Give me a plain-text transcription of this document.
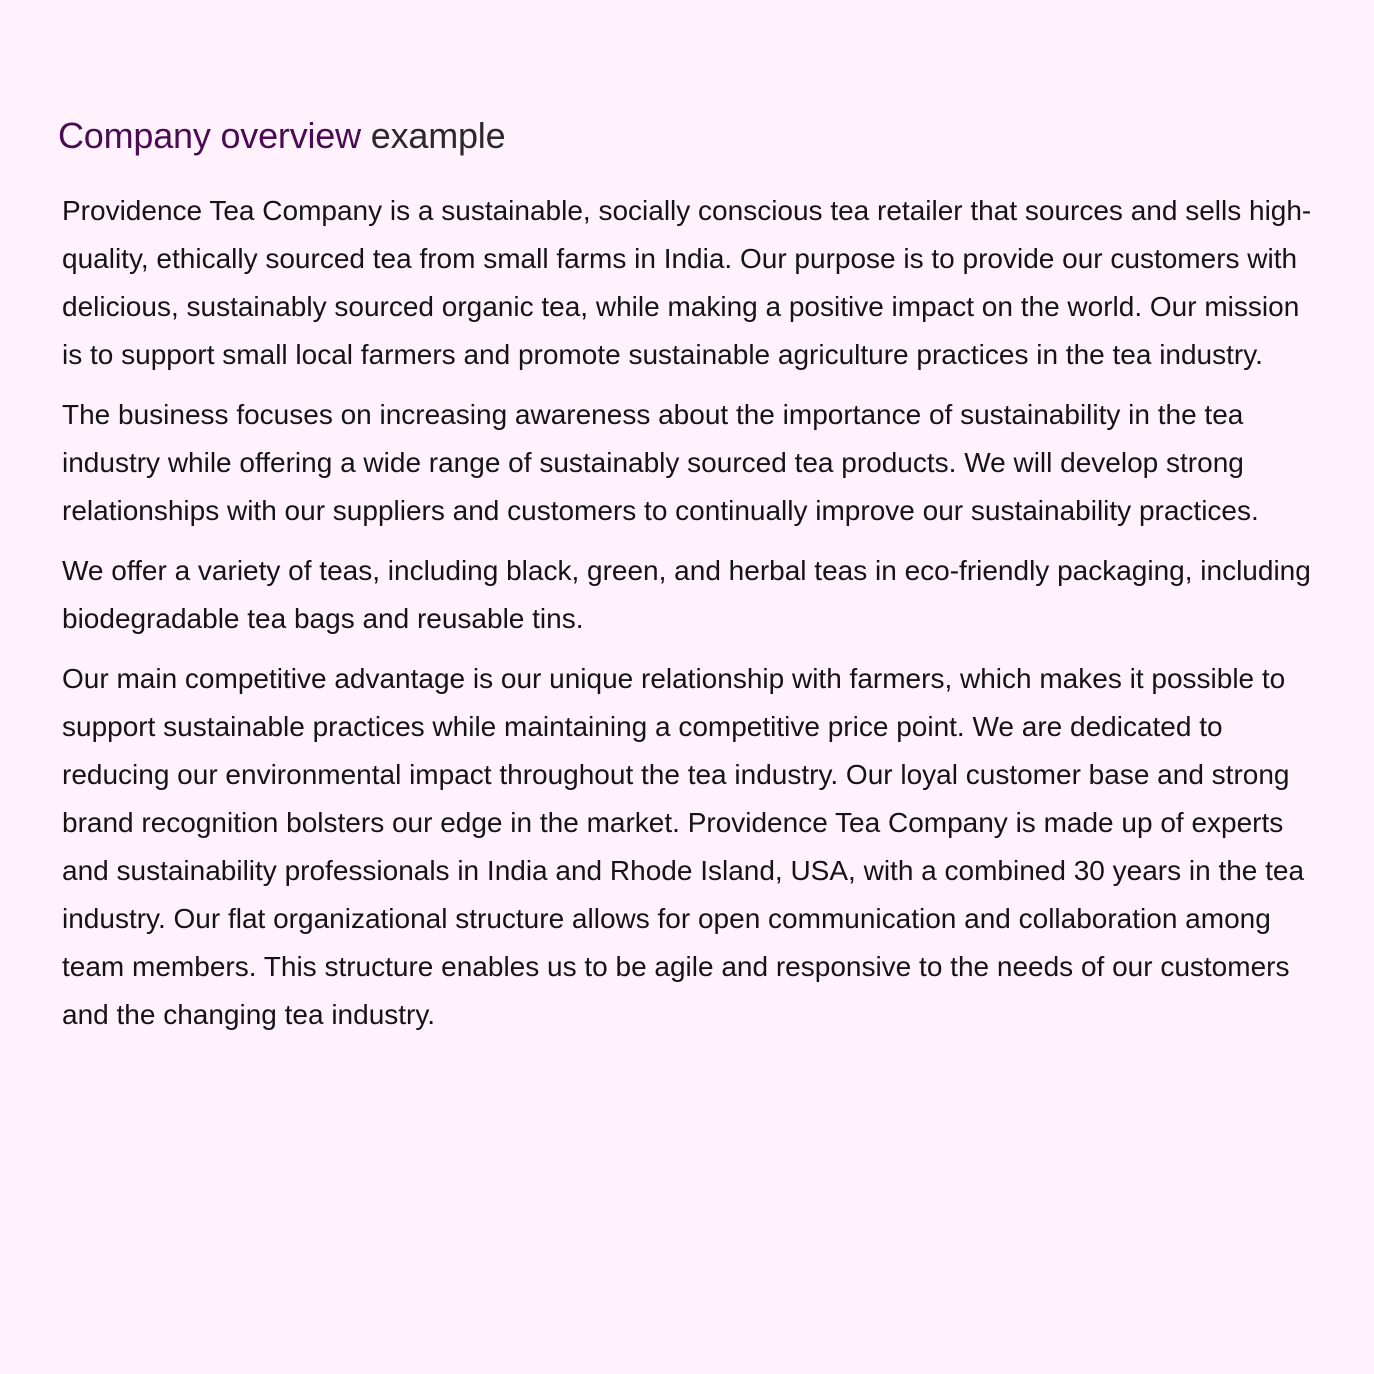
Company overview example

Providence Tea Company is a sustainable, socially conscious tea retailer that sources and sells high-quality, ethically sourced tea from small farms in India. Our purpose is to provide our customers with delicious, sustainably sourced organic tea, while making a positive impact on the world. Our mission is to support small local farmers and promote sustainable agriculture practices in the tea industry.

The business focuses on increasing awareness about the importance of sustainability in the tea industry while offering a wide range of sustainably sourced tea products. We will develop strong relationships with our suppliers and customers to continually improve our sustainability practices.

We offer a variety of teas, including black, green, and herbal teas in eco-friendly packaging, including biodegradable tea bags and reusable tins.

Our main competitive advantage is our unique relationship with farmers, which makes it possible to support sustainable practices while maintaining a competitive price point. We are dedicated to reducing our environmental impact throughout the tea industry. Our loyal customer base and strong brand recognition bolsters our edge in the market. Providence Tea Company is made up of experts and sustainability professionals in India and Rhode Island, USA, with a combined 30 years in the tea industry. Our flat organizational structure allows for open communication and collaboration among team members. This structure enables us to be agile and responsive to the needs of our customers and the changing tea industry.
